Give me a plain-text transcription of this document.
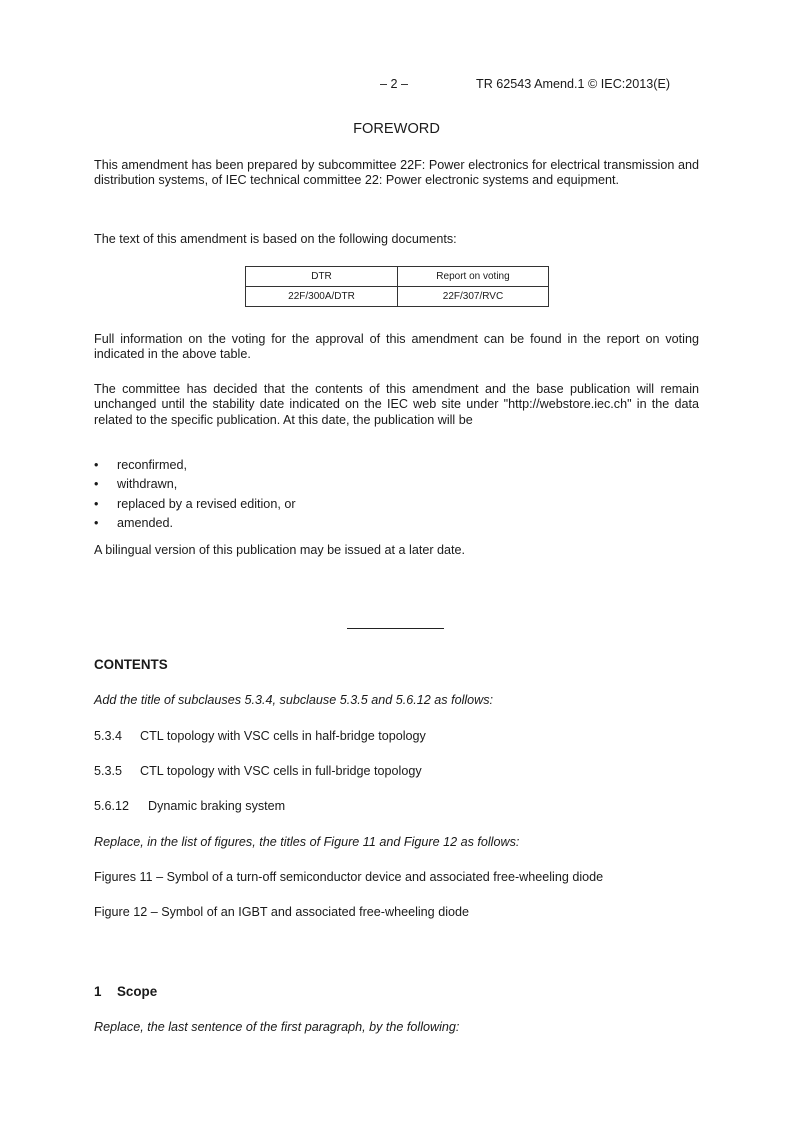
– 2 –	TR 62543 Amend.1 © IEC:2013(E)
FOREWORD
This amendment has been prepared by subcommittee 22F: Power electronics for electrical transmission and distribution systems, of IEC technical committee 22: Power electronic systems and equipment.
The text of this amendment is based on the following documents:
DTR	Report on voting
22F/300A/DTR	22F/307/RVC
Full information on the voting for the approval of this amendment can be found in the report on voting indicated in the above table.
The committee has decided that the contents of this amendment and the base publication will remain unchanged until the stability date indicated on the IEC web site under "http://webstore.iec.ch" in the data related to the specific publication. At this date, the publication will be
• reconfirmed,
• withdrawn,
• replaced by a revised edition, or
• amended.
A bilingual version of this publication may be issued at a later date.
CONTENTS
Add the title of subclauses 5.3.4, subclause 5.3.5 and 5.6.12 as follows:
5.3.4 CTL topology with VSC cells in half-bridge topology
5.3.5 CTL topology with VSC cells in full-bridge topology
5.6.12 Dynamic braking system
Replace, in the list of figures, the titles of Figure 11 and Figure 12 as follows:
Figures 11 – Symbol of a turn-off semiconductor device and associated free-wheeling diode
Figure 12 – Symbol of an IGBT and associated free-wheeling diode
1 Scope
Replace, the last sentence of the first paragraph, by the following:
